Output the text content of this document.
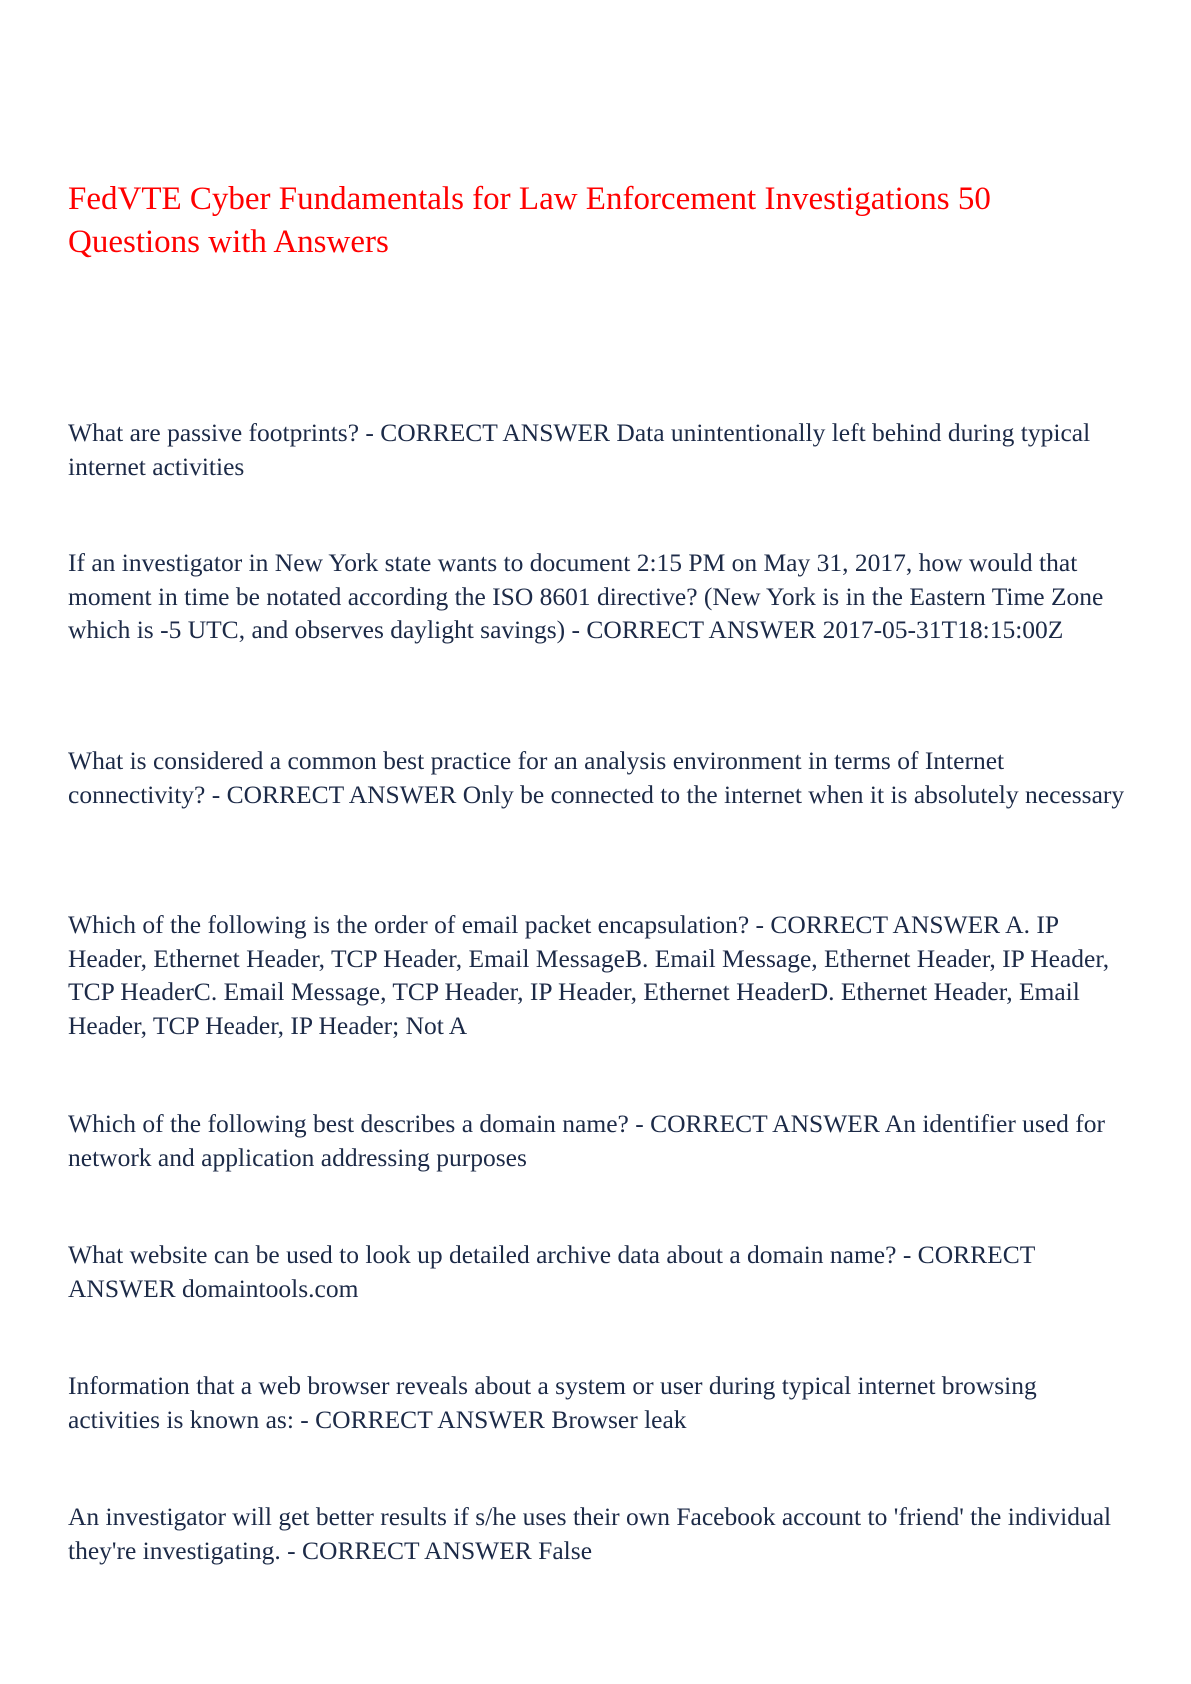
FedVTE Cyber Fundamentals for Law Enforcement Investigations 50 Questions with Answers

What are passive footprints? - CORRECT ANSWER Data unintentionally left behind during typical internet activities

If an investigator in New York state wants to document 2:15 PM on May 31, 2017, how would that moment in time be notated according the ISO 8601 directive? (New York is in the Eastern Time Zone which is -5 UTC, and observes daylight savings) - CORRECT ANSWER 2017-05-31T18:15:00Z

What is considered a common best practice for an analysis environment in terms of Internet connectivity? - CORRECT ANSWER Only be connected to the internet when it is absolutely necessary

Which of the following is the order of email packet encapsulation? - CORRECT ANSWER A. IP Header, Ethernet Header, TCP Header, Email MessageB. Email Message, Ethernet Header, IP Header, TCP HeaderC. Email Message, TCP Header, IP Header, Ethernet HeaderD. Ethernet Header, Email Header, TCP Header, IP Header; Not A

Which of the following best describes a domain name? - CORRECT ANSWER An identifier used for network and application addressing purposes

What website can be used to look up detailed archive data about a domain name? - CORRECT ANSWER domaintools.com

Information that a web browser reveals about a system or user during typical internet browsing activities is known as: - CORRECT ANSWER Browser leak

An investigator will get better results if s/he uses their own Facebook account to 'friend' the individual they're investigating. - CORRECT ANSWER False
